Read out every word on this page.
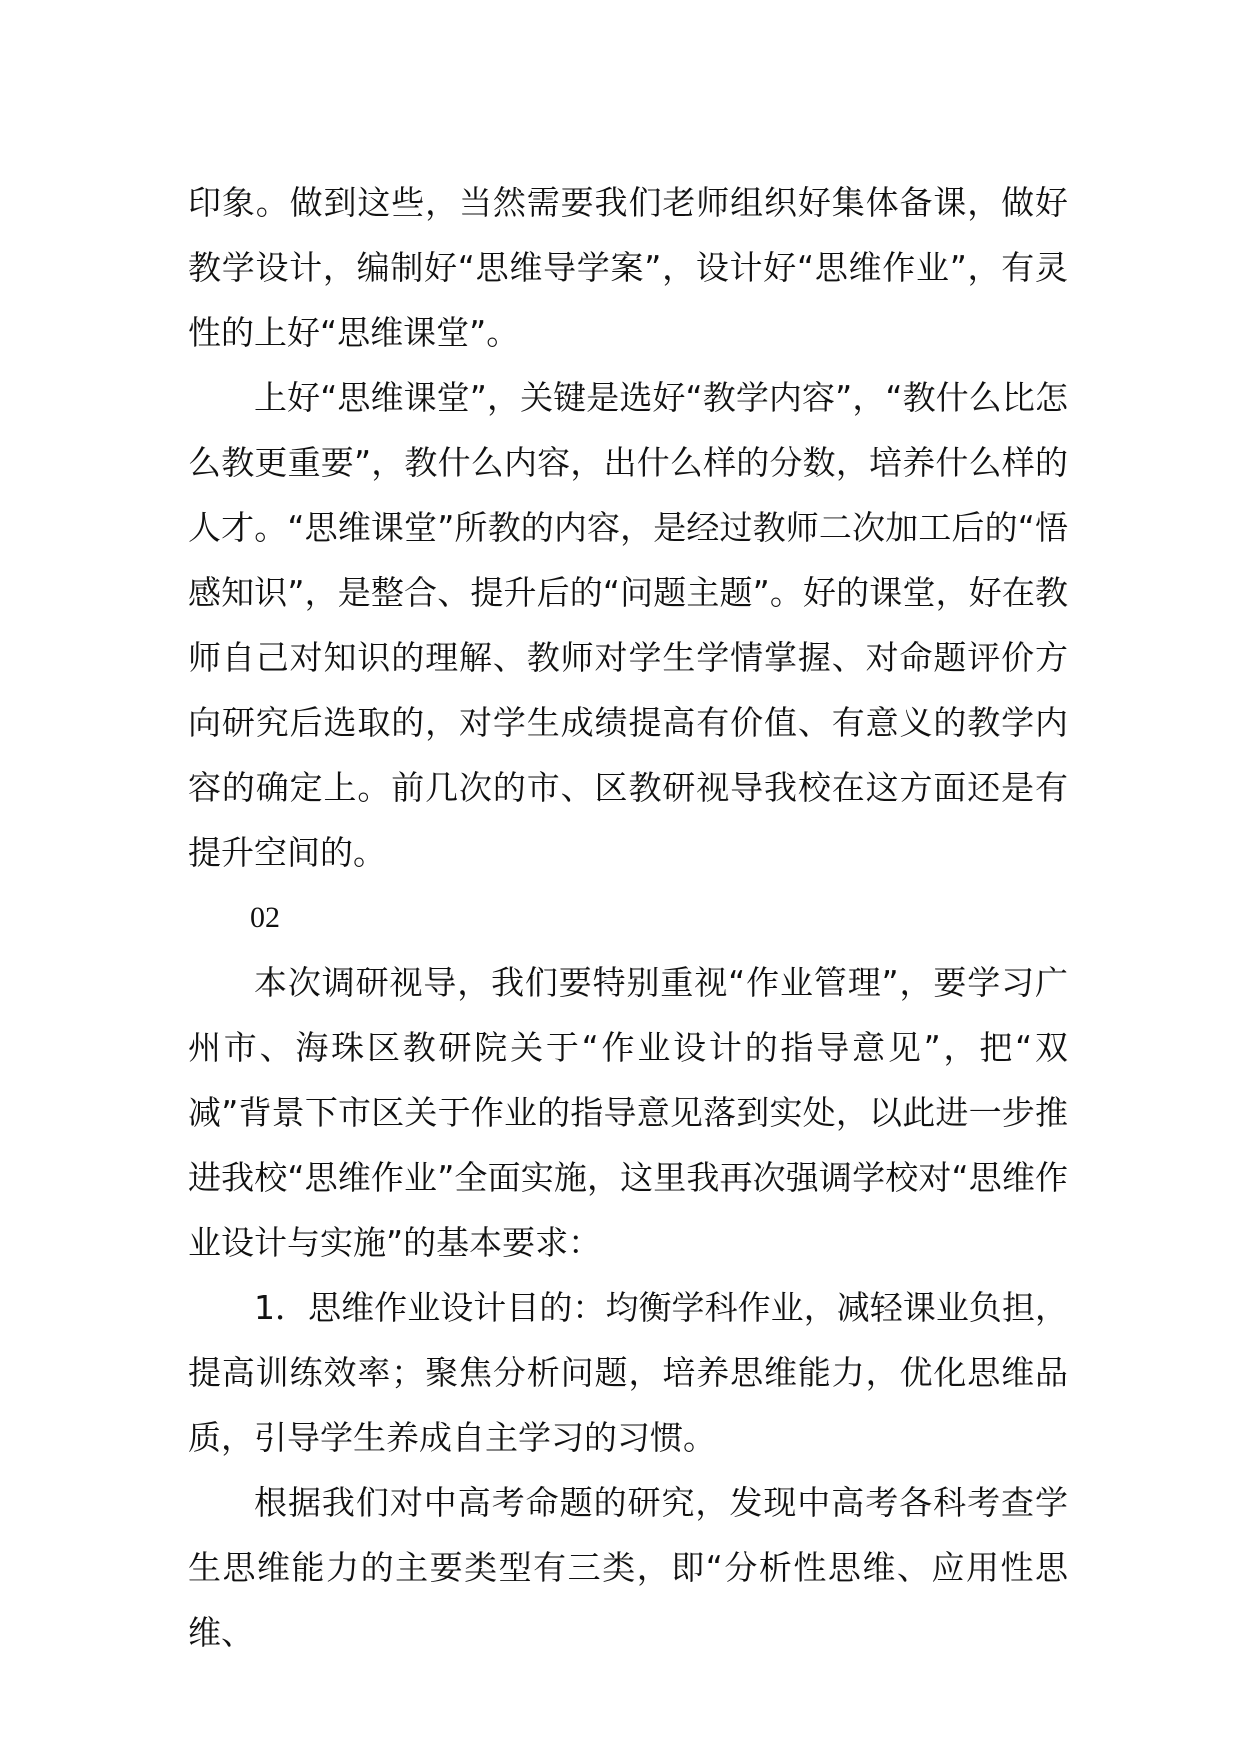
印象。做到这些，当然需要我们老师组织好集体备课，做好教学设计，编制好“思维导学案”，设计好“思维作业”，有灵性的上好“思维课堂”。

上好“思维课堂”，关键是选好“教学内容”，“教什么比怎么教更重要”，教什么内容，出什么样的分数，培养什么样的人才。“思维课堂”所教的内容，是经过教师二次加工后的“悟感知识”，是整合、提升后的“问题主题”。好的课堂，好在教师自己对知识的理解、教师对学生学情掌握、对命题评价方向研究后选取的，对学生成绩提高有价值、有意义的教学内容的确定上。前几次的市、区教研视导我校在这方面还是有提升空间的。

02

本次调研视导，我们要特别重视“作业管理”，要学习广州市、海珠区教研院关于“作业设计的指导意见”，把“双减”背景下市区关于作业的指导意见落到实处，以此进一步推进我校“思维作业”全面实施，这里我再次强调学校对“思维作业设计与实施”的基本要求：

1．思维作业设计目的：均衡学科作业，减轻课业负担，提高训练效率；聚焦分析问题，培养思维能力，优化思维品质，引导学生养成自主学习的习惯。

根据我们对中高考命题的研究，发现中高考各科考查学生思维能力的主要类型有三类，即“分析性思维、应用性思维、
